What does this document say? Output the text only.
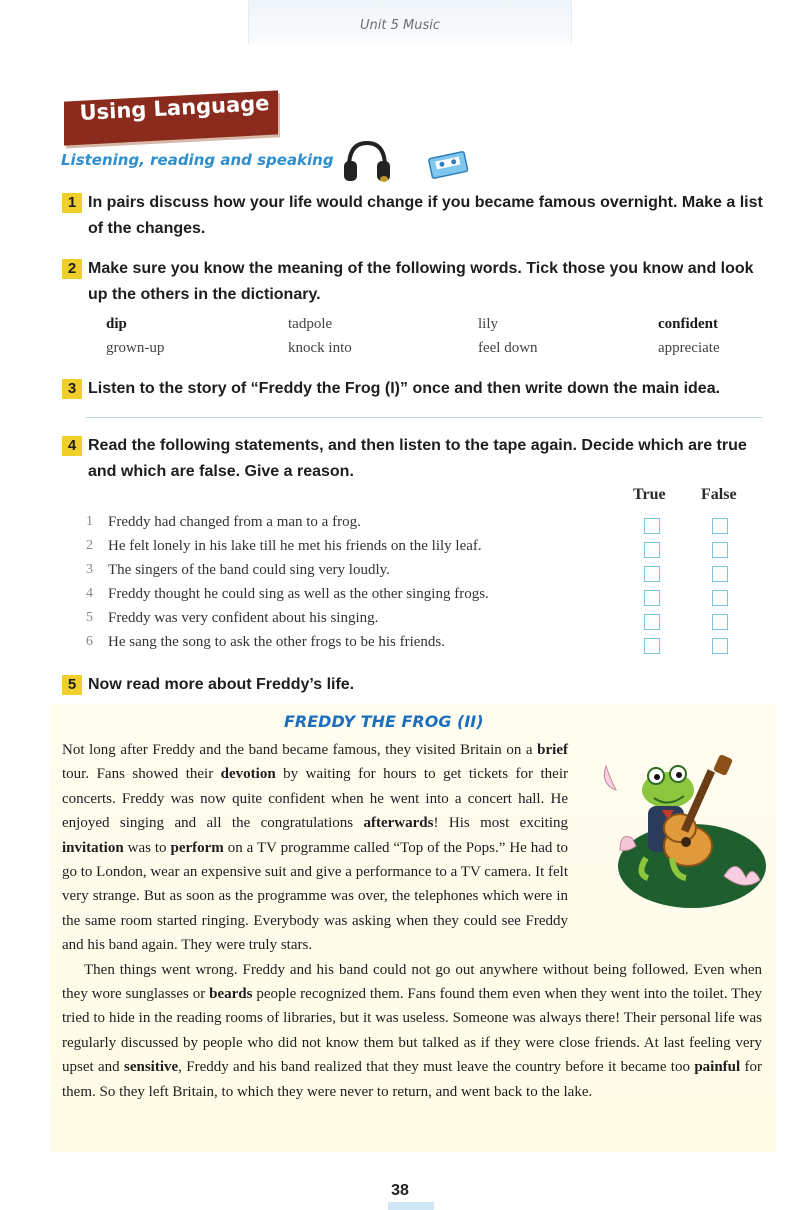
Unit 5 Music
Using Language
Listening, reading and speaking
1 In pairs discuss how your life would change if you became famous overnight. Make a list of the changes.
2 Make sure you know the meaning of the following words. Tick those you know and look up the others in the dictionary.
dip	tadpole	lily	confident
grown-up	knock into	feel down	appreciate
3 Listen to the story of “Freddy the Frog (I)” once and then write down the main idea.
4 Read the following statements, and then listen to the tape again. Decide which are true and which are false. Give a reason.
True False
1 Freddy had changed from a man to a frog.
2 He felt lonely in his lake till he met his friends on the lily leaf.
3 The singers of the band could sing very loudly.
4 Freddy thought he could sing as well as the other singing frogs.
5 Freddy was very confident about his singing.
6 He sang the song to ask the other frogs to be his friends.
5 Now read more about Freddy’s life.
FREDDY THE FROG (II)

Not long after Freddy and the band became famous, they visited Britain on a brief tour. Fans showed their devotion by waiting for hours to get tickets for their concerts. Freddy was now quite confident when he went into a concert hall. He enjoyed singing and all the congratulations afterwards! His most exciting invitation was to perform on a TV programme called “Top of the Pops.” He had to go to London, wear an expensive suit and give a performance to a TV camera. It felt very strange. But as soon as the programme was over, the telephones which were in the same room started ringing. Everybody was asking when they could see Freddy and his band again. They were truly stars.

Then things went wrong. Freddy and his band could not go out anywhere without being followed. Even when they wore sunglasses or beards people recognized them. Fans found them even when they went into the toilet. They tried to hide in the reading rooms of libraries, but it was useless. Someone was always there! Their personal life was regularly discussed by people who did not know them but talked as if they were close friends. At last feeling very upset and sensitive, Freddy and his band realized that they must leave the country before it became too painful for them. So they left Britain, to which they were never to return, and went back to the lake.

38
